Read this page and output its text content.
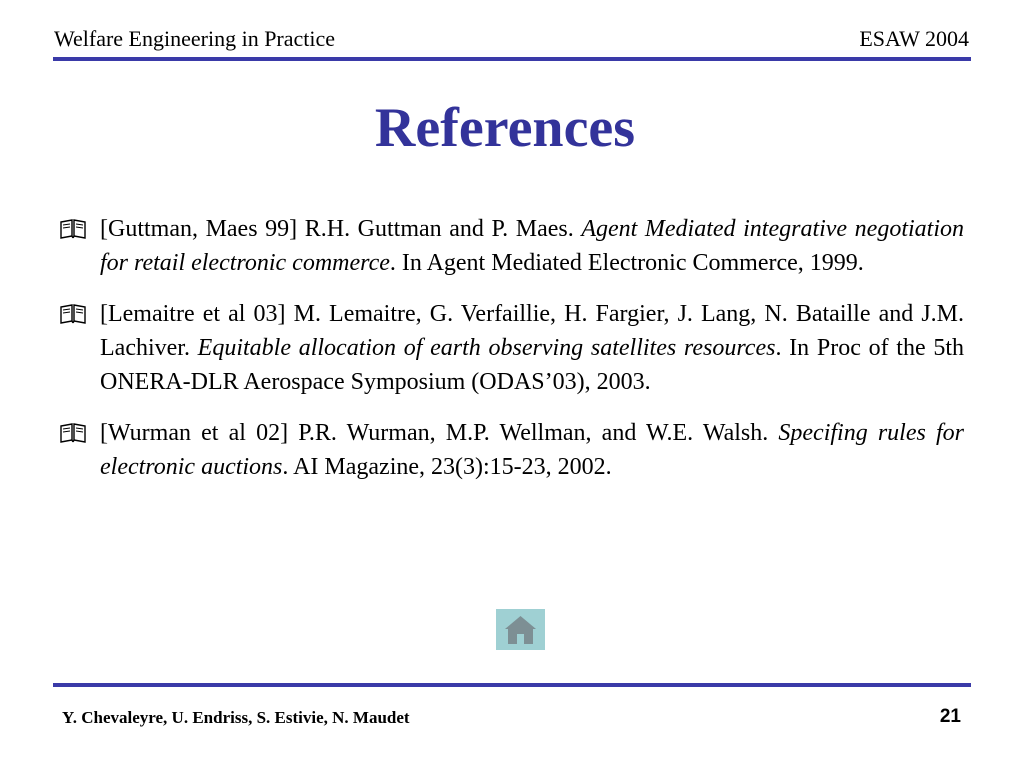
Welfare Engineering in Practice	ESAW 2004
References
[Guttman, Maes 99] R.H. Guttman and P. Maes. Agent Mediated integrative negotiation for retail electronic commerce. In Agent Mediated Electronic Commerce, 1999.
[Lemaitre et al 03] M. Lemaitre, G. Verfaillie, H. Fargier, J. Lang, N. Bataille and J.M. Lachiver. Equitable allocation of earth observing satellites resources. In Proc of the 5th ONERA-DLR Aerospace Symposium (ODAS’03), 2003.
[Wurman et al 02] P.R. Wurman, M.P. Wellman, and W.E. Walsh. Specifing rules for electronic auctions. AI Magazine, 23(3):15-23, 2002.
Y. Chevaleyre, U. Endriss, S. Estivie, N. Maudet	21
